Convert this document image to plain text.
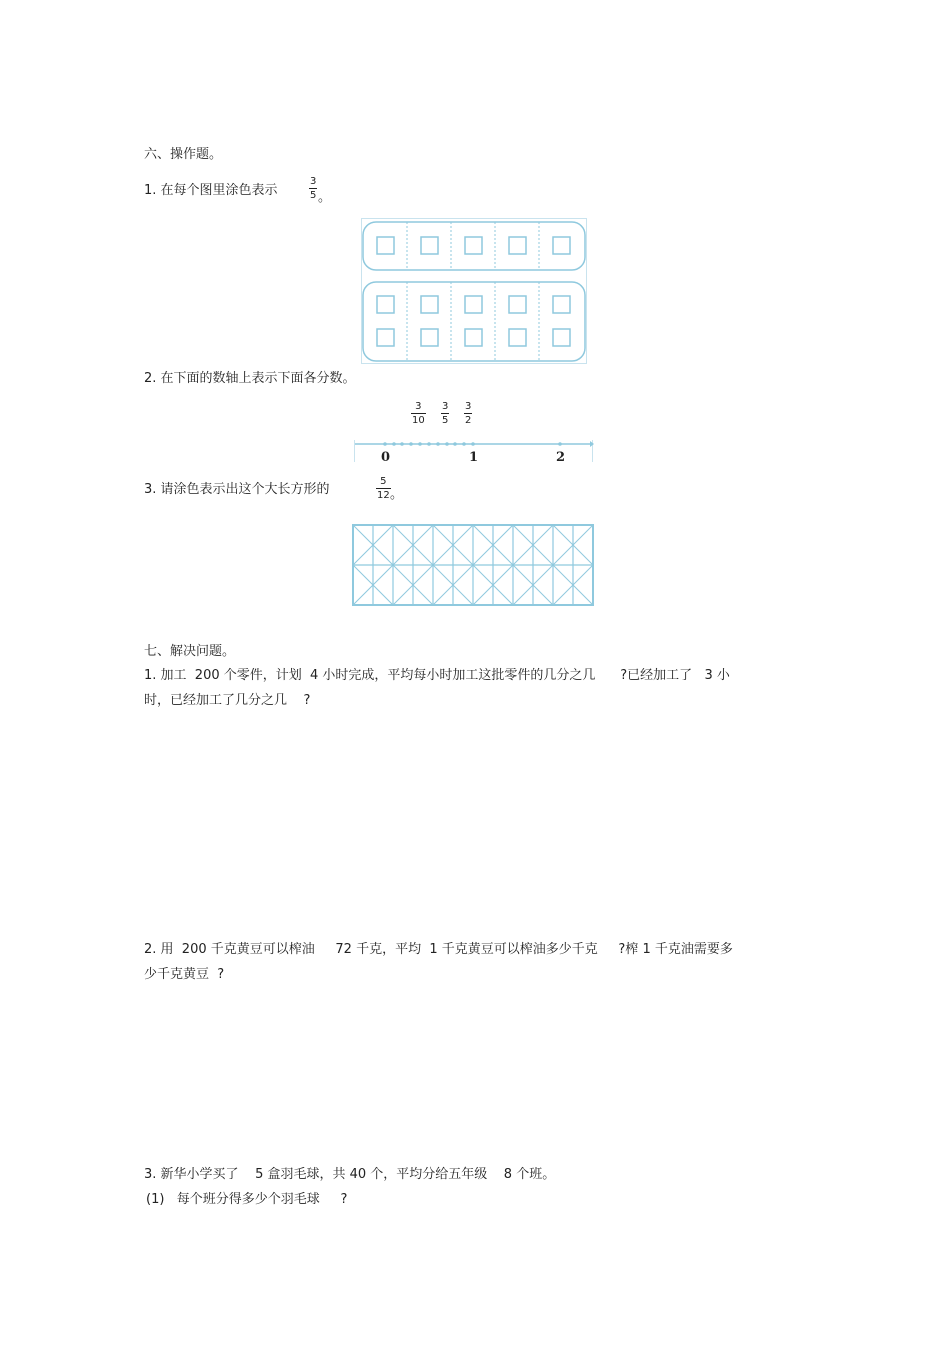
六、操作题。
1. 在每个图里涂色表示
3
5 。
2. 在下面的数轴上表示下面各分数。
3
10
3
5
3
2
0	1	2
3. 请涂色表示出这个大长方形的
5
12 。
七、解决问题。
1. 加工  200 个零件，计划  4 小时完成，平均每小时加工这批零件的几分之几      ?已经加工了   3 小
时，已经加工了几分之几    ?
2. 用  200 千克黄豆可以榨油     72 千克，平均  1 千克黄豆可以榨油多少千克     ?榨 1 千克油需要多
少千克黄豆  ?
3. 新华小学买了    5 盒羽毛球，共 40 个，平均分给五年级    8 个班。
(1)   每个班分得多少个羽毛球     ?
